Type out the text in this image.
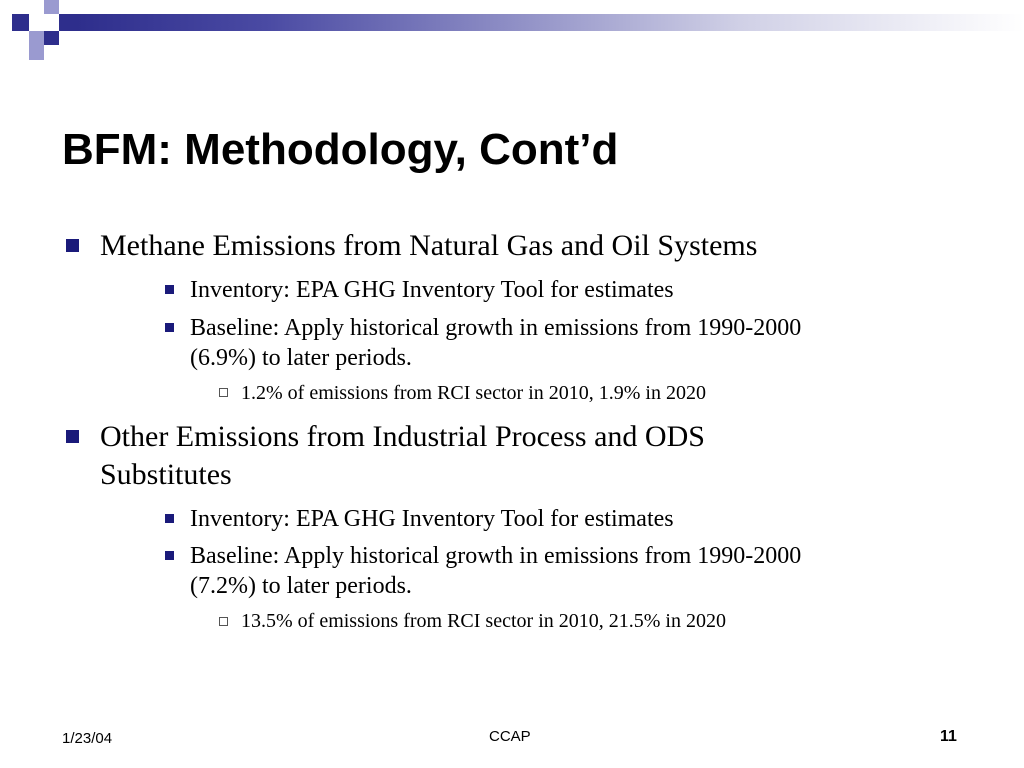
BFM: Methodology, Cont’d
Methane Emissions from Natural Gas and Oil Systems
Inventory: EPA GHG Inventory Tool for estimates
Baseline: Apply historical growth in emissions from 1990-2000
(6.9%) to later periods.
1.2% of emissions from RCI sector in 2010, 1.9% in 2020
Other Emissions from Industrial Process and ODS
Substitutes
Inventory: EPA GHG Inventory Tool for estimates
Baseline: Apply historical growth in emissions from 1990-2000
(7.2%) to later periods.
13.5% of emissions from RCI sector in 2010, 21.5% in 2020
1/23/04	CCAP	11
